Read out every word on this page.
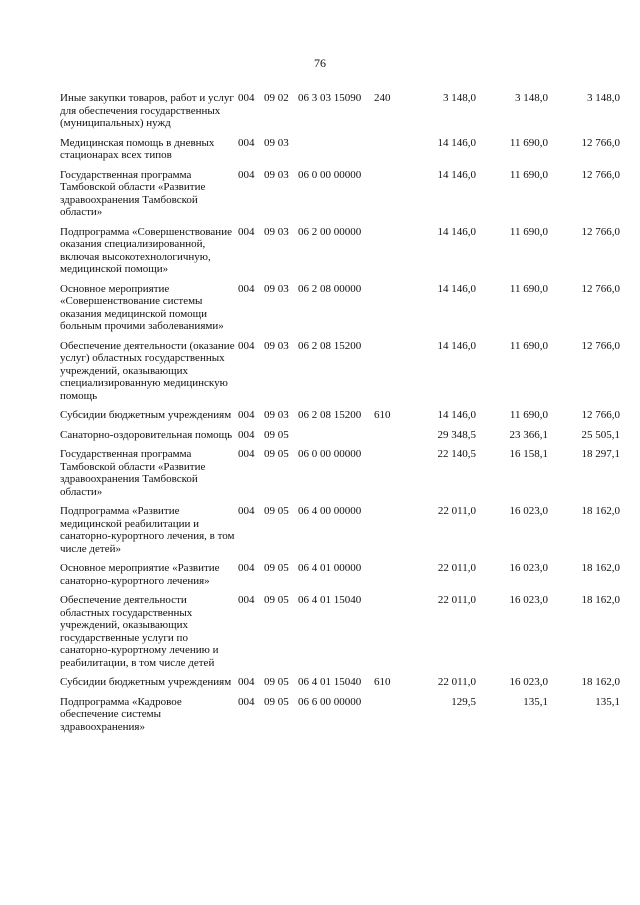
76
Иные закупки товаров, работ и услуг для обеспечения государственных (муниципальных) нужд	004	09 02	06 3 03 15090	240	3 148,0	3 148,0	3 148,0
Медицинская помощь в дневных стационарах всех типов	004	09 03			14 146,0	11 690,0	12 766,0
Государственная программа Тамбовской области «Развитие здравоохранения Тамбовской области»	004	09 03	06 0 00 00000		14 146,0	11 690,0	12 766,0
Подпрограмма «Совершенствование оказания специализированной, включая высокотехнологичную, медицинской помощи»	004	09 03	06 2 00 00000		14 146,0	11 690,0	12 766,0
Основное мероприятие «Совершенствование системы оказания медицинской помощи больным прочими заболеваниями»	004	09 03	06 2 08 00000		14 146,0	11 690,0	12 766,0
Обеспечение деятельности (оказание услуг) областных государственных учреждений, оказывающих специализированную медицинскую помощь	004	09 03	06 2 08 15200		14 146,0	11 690,0	12 766,0
Субсидии бюджетным учреждениям	004	09 03	06 2 08 15200	610	14 146,0	11 690,0	12 766,0
Санаторно-оздоровительная помощь	004	09 05			29 348,5	23 366,1	25 505,1
Государственная программа Тамбовской области «Развитие здравоохранения Тамбовской области»	004	09 05	06 0 00 00000		22 140,5	16 158,1	18 297,1
Подпрограмма «Развитие медицинской реабилитации и санаторно-курортного лечения, в том числе детей»	004	09 05	06 4 00 00000		22 011,0	16 023,0	18 162,0
Основное мероприятие «Развитие санаторно-курортного лечения»	004	09 05	06 4 01 00000		22 011,0	16 023,0	18 162,0
Обеспечение деятельности областных государственных учреждений, оказывающих государственные услуги по санаторно-курортному лечению и реабилитации, в том числе детей	004	09 05	06 4 01 15040		22 011,0	16 023,0	18 162,0
Субсидии бюджетным учреждениям	004	09 05	06 4 01 15040	610	22 011,0	16 023,0	18 162,0
Подпрограмма «Кадровое обеспечение системы здравоохранения»	004	09 05	06 6 00 00000		129,5	135,1	135,1
